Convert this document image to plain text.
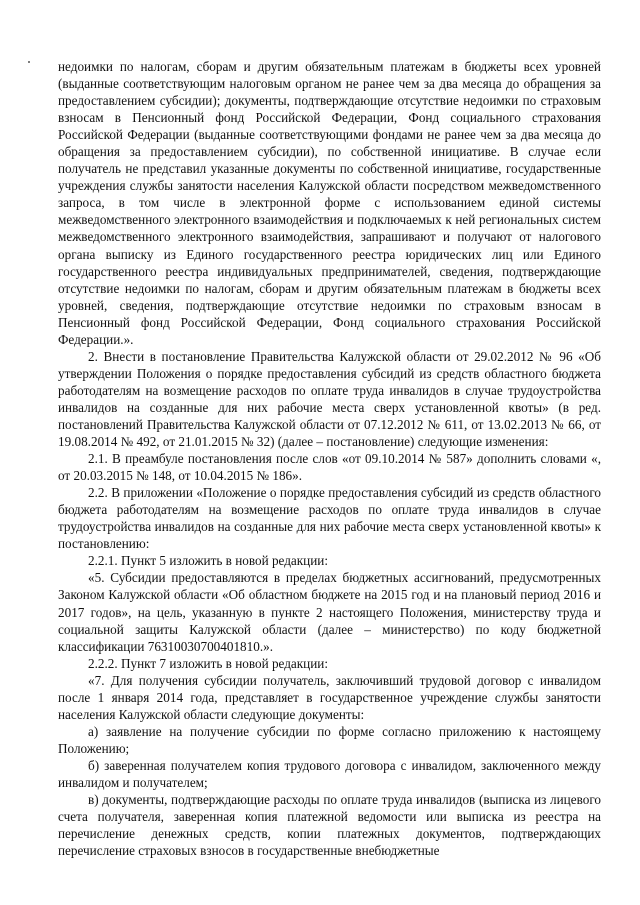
недоимки по налогам, сборам и другим обязательным платежам в бюджеты всех уровней (выданные соответствующим налоговым органом не ранее чем за два месяца до обращения за предоставлением субсидии); документы, подтверждающие отсутствие недоимки по страховым взносам в Пенсионный фонд Российской Федерации, Фонд социального страхования Российской Федерации (выданные соответствующими фондами не ранее чем за два месяца до обращения за предоставлением субсидии), по собственной инициативе. В случае если получатель не представил указанные документы по собственной инициативе, государственные учреждения службы занятости населения Калужской области посредством межведомственного запроса, в том числе в электронной форме с использованием единой системы межведомственного электронного взаимодействия и подключаемых к ней региональных систем межведомственного электронного взаимодействия, запрашивают и получают от налогового органа выписку из Единого государственного реестра юридических лиц или Единого государственного реестра индивидуальных предпринимателей, сведения, подтверждающие отсутствие недоимки по налогам, сборам и другим обязательным платежам в бюджеты всех уровней, сведения, подтверждающие отсутствие недоимки по страховым взносам в Пенсионный фонд Российской Федерации, Фонд социального страхования Российской Федерации.».

2. Внести в постановление Правительства Калужской области от 29.02.2012 № 96 «Об утверждении Положения о порядке предоставления субсидий из средств областного бюджета работодателям на возмещение расходов по оплате труда инвалидов в случае трудоустройства инвалидов на созданные для них рабочие места сверх установленной квоты» (в ред. постановлений Правительства Калужской области от 07.12.2012 № 611, от 13.02.2013 № 66, от 19.08.2014 № 492, от 21.01.2015 № 32) (далее – постановление) следующие изменения:

2.1. В преамбуле постановления после слов «от 09.10.2014 № 587» дополнить словами «, от 20.03.2015 № 148, от 10.04.2015 № 186».

2.2. В приложении «Положение о порядке предоставления субсидий из средств областного бюджета работодателям на возмещение расходов по оплате труда инвалидов в случае трудоустройства инвалидов на созданные для них рабочие места сверх установленной квоты» к постановлению:

2.2.1. Пункт 5 изложить в новой редакции:

«5. Субсидии предоставляются в пределах бюджетных ассигнований, предусмотренных Законом Калужской области «Об областном бюджете на 2015 год и на плановый период 2016 и 2017 годов», на цель, указанную в пункте 2 настоящего Положения, министерству труда и социальной защиты Калужской области (далее – министерство) по коду бюджетной классификации 76310030700401810.».

2.2.2. Пункт 7 изложить в новой редакции:

«7. Для получения субсидии получатель, заключивший трудовой договор с инвалидом после 1 января 2014 года, представляет в государственное учреждение службы занятости населения Калужской области следующие документы:

а) заявление на получение субсидии по форме согласно приложению к настоящему Положению;

б) заверенная получателем копия трудового договора с инвалидом, заключенного между инвалидом и получателем;

в) документы, подтверждающие расходы по оплате труда инвалидов (выписка из лицевого счета получателя, заверенная копия платежной ведомости или выписка из реестра на перечисление денежных средств, копии платежных документов, подтверждающих перечисление страховых взносов в государственные внебюджетные
